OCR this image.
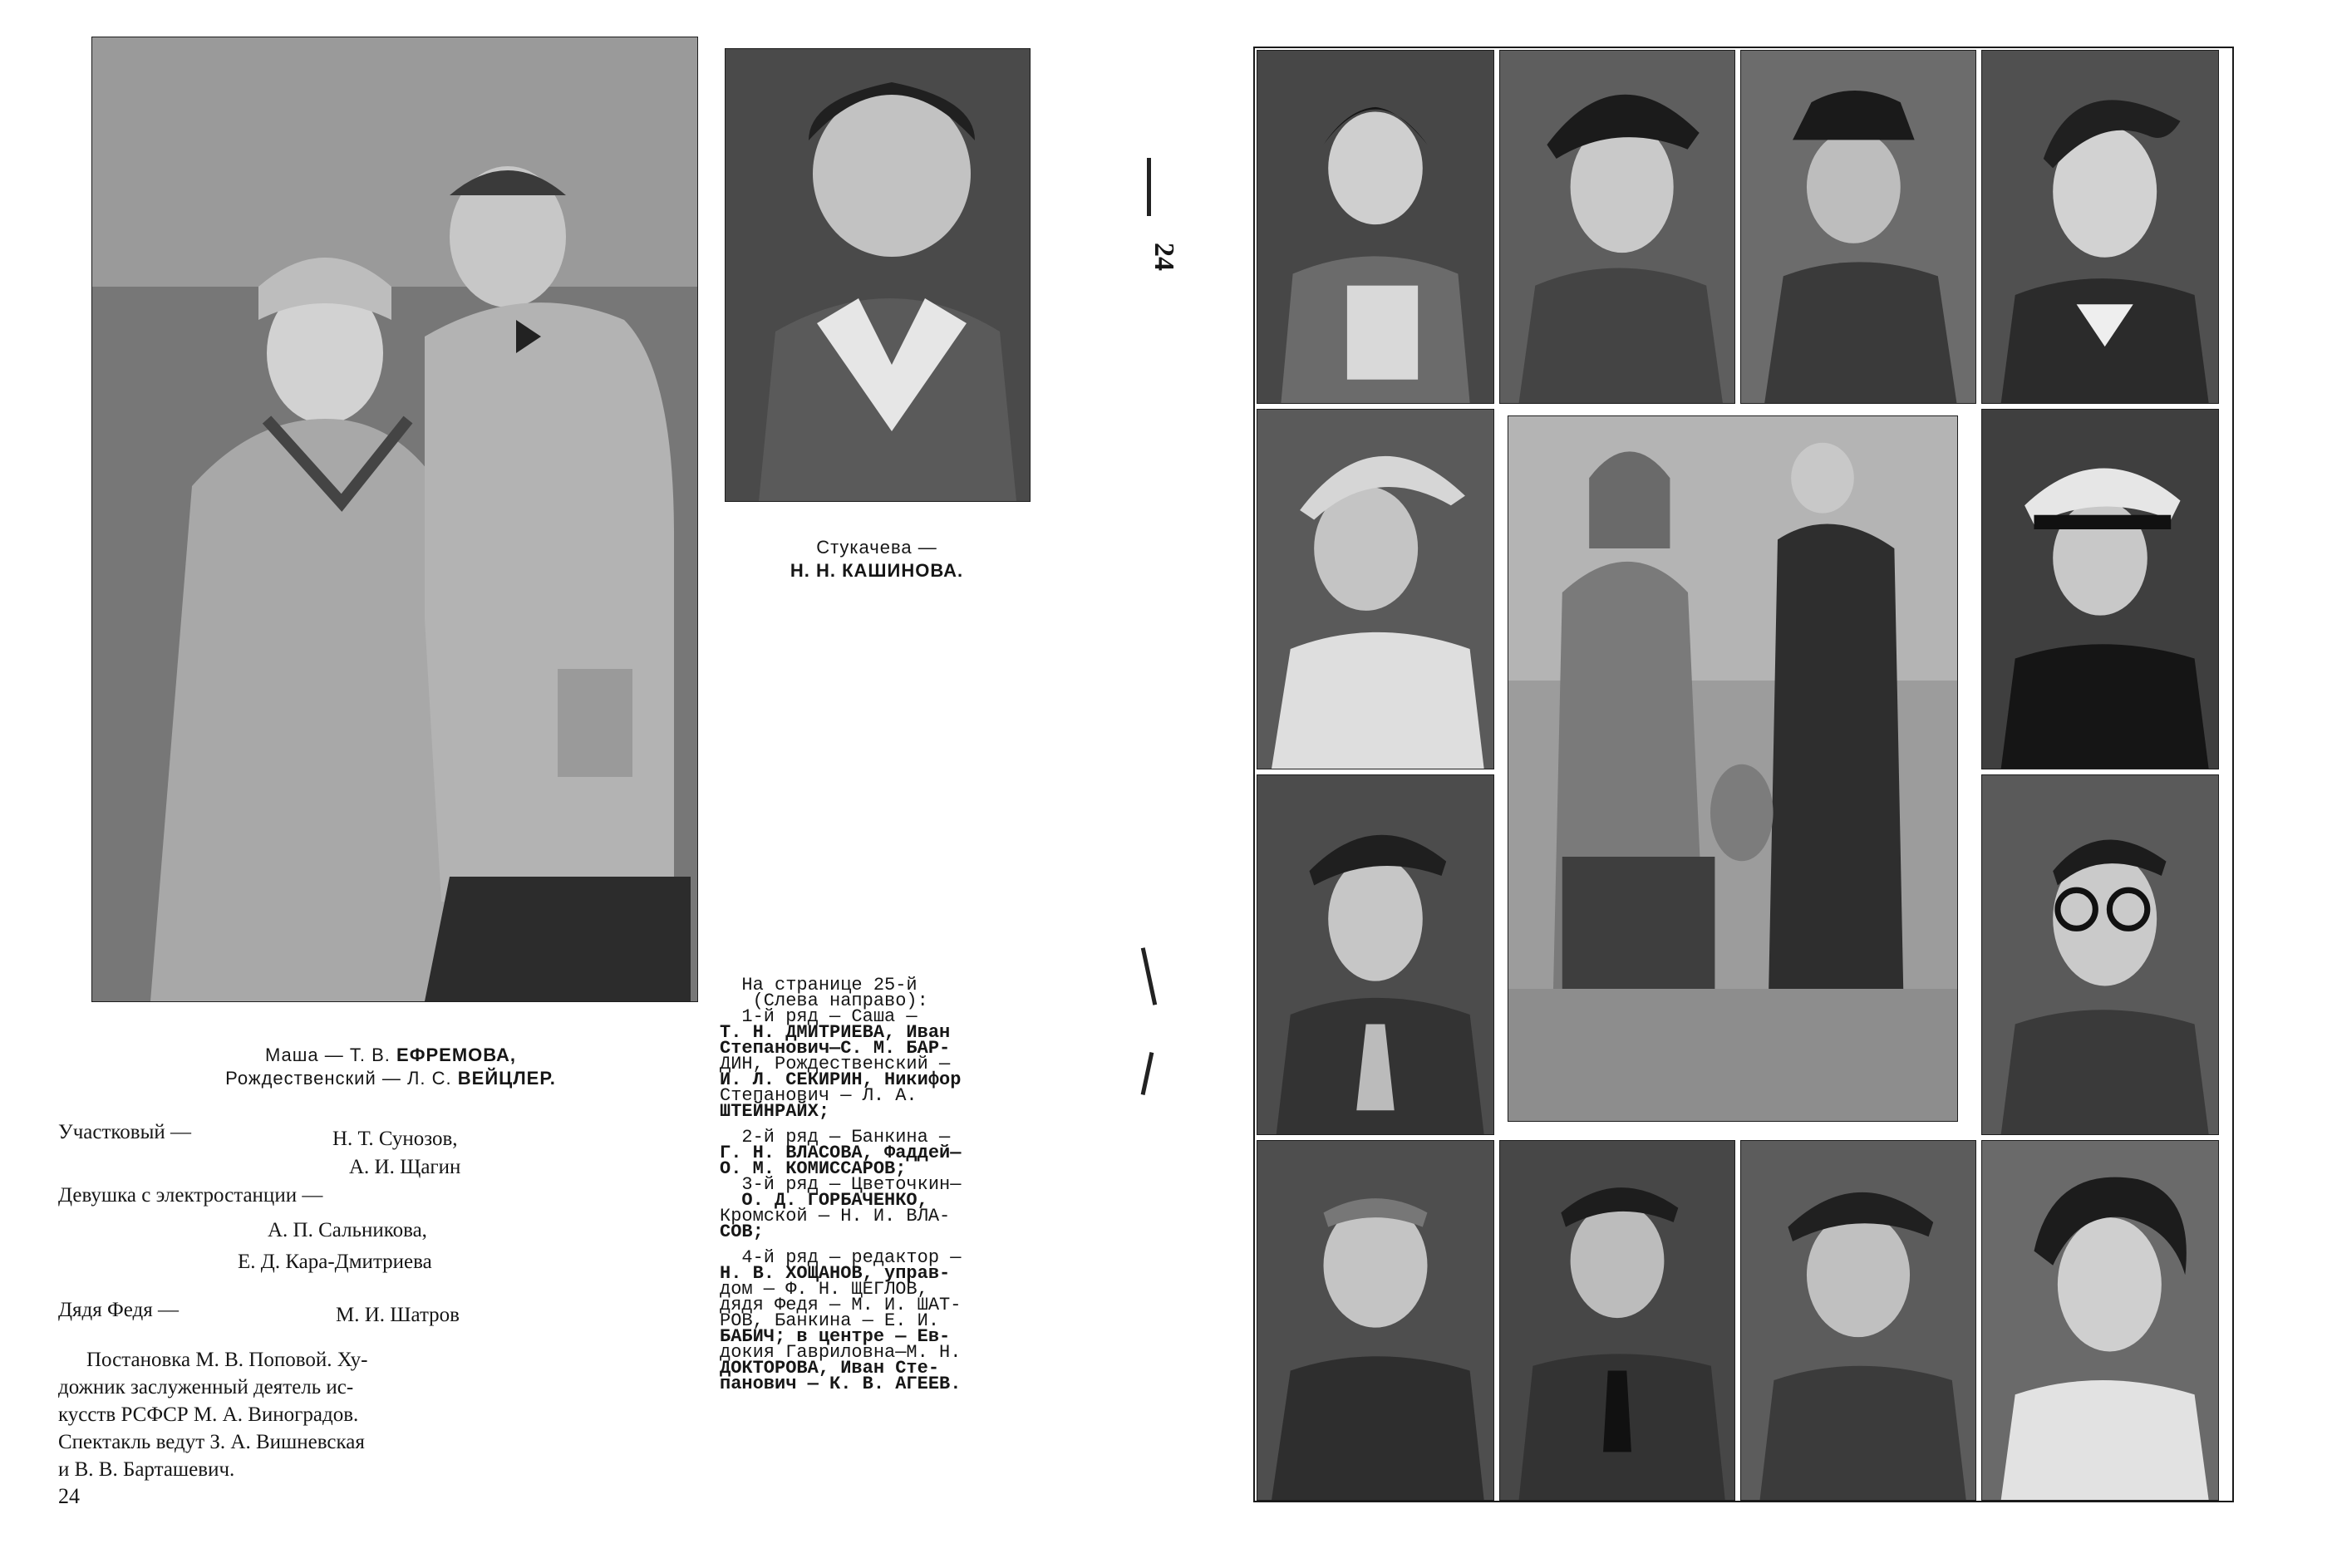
Стукачева —
Н. Н. КАШИНОВА.
Маша — Т. В. ЕФРЕМОВА,
Рождественский — Л. С. ВЕЙЦЛЕР.
Участковый —	Н. Т. Сунозов,
А. И. Щагин
Девушка с электростанции —
А. П. Сальникова,
Е. Д. Кара-Дмитриева
Дядя Федя —	М. И. Шатров
Постановка М. В. Поповой. Ху-
дожник заслуженный деятель ис-
кусств РСФСР М. А. Виноградов.
Спектакль ведут З. А. Вишневская
и В. В. Барташевич.
24
На странице 25-й
(Слева направо):
1-й ряд — Саша —
Т. Н. ДМИТРИЕВА, Иван
Степанович—С. М. БАР-
ДИН, Рождественский —
И. Л. СЕКИРИН, Никифор
Степанович — Л. А.
ШТЕЙНРАЙХ;
2-й ряд — Банкина —
Г. Н. ВЛАСОВА, Фаддей—
О. М. КОМИССАРОВ;
3-й ряд — Цветочкин—
О. Д. ГОРБАЧЕНКО,
Кромской — Н. И. ВЛА-
СОВ;
4-й ряд — редактор —
Н. В. ХОЩАНОВ, управ-
дом — Ф. Н. ЩЕГЛОВ,
дядя Федя — М. И. ШАТ-
РОВ, Банкина — Е. И.
БАБИЧ; в центре — Ев-
докия Гавриловна—М. Н.
ДОКТОРОВА, Иван Сте-
панович — К. В. АГЕЕВ.
24
